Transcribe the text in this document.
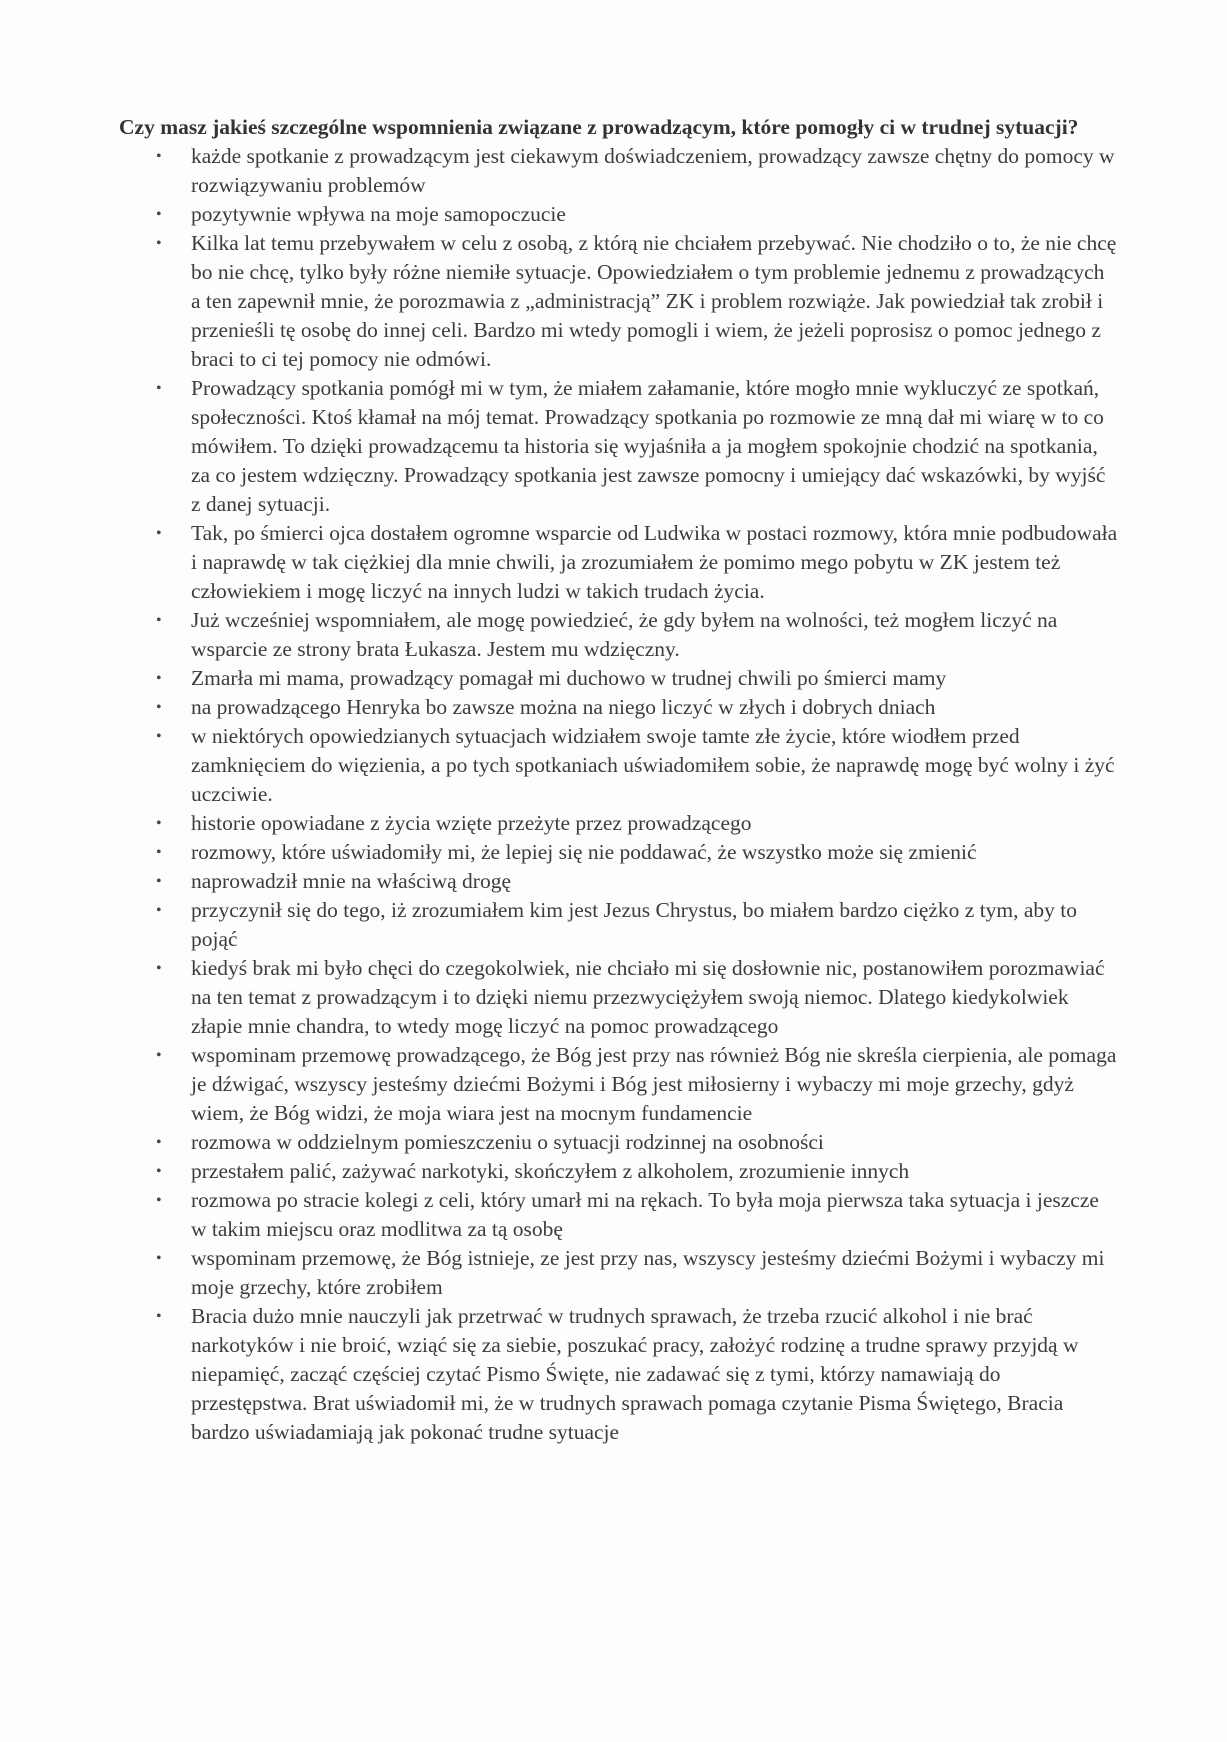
Czy masz jakieś szczególne wspomnienia związane z prowadzącym, które pomogły ci w trudnej sytuacji?

• każde spotkanie z prowadzącym jest ciekawym doświadczeniem, prowadzący zawsze chętny do pomocy w rozwiązywaniu problemów
• pozytywnie wpływa na moje samopoczucie
• Kilka lat temu przebywałem w celu z osobą, z którą nie chciałem przebywać. Nie chodziło o to, że nie chcę bo nie chcę, tylko były różne niemiłe sytuacje. Opowiedziałem o tym problemie jednemu z prowadzących a ten zapewnił mnie, że porozmawia z „administracją” ZK i problem rozwiąże. Jak powiedział tak zrobił i przenieśli tę osobę do innej celi. Bardzo mi wtedy pomogli i wiem, że jeżeli poprosisz o pomoc jednego z braci to ci tej pomocy nie odmówi.
• Prowadzący spotkania pomógł mi w tym, że miałem załamanie, które mogło mnie wykluczyć ze spotkań, społeczności. Ktoś kłamał na mój temat. Prowadzący spotkania po rozmowie ze mną dał mi wiarę w to co mówiłem. To dzięki prowadzącemu ta historia się wyjaśniła a ja mogłem spokojnie chodzić na spotkania, za co jestem wdzięczny. Prowadzący spotkania jest zawsze pomocny i umiejący dać wskazówki, by wyjść z danej sytuacji.
• Tak, po śmierci ojca dostałem ogromne wsparcie od Ludwika w postaci rozmowy, która mnie podbudowała i naprawdę w tak ciężkiej dla mnie chwili, ja zrozumiałem że pomimo mego pobytu w ZK jestem też człowiekiem i mogę liczyć na innych ludzi w takich trudach życia.
• Już wcześniej wspomniałem, ale mogę powiedzieć, że gdy byłem na wolności, też mogłem liczyć na wsparcie ze strony brata Łukasza. Jestem mu wdzięczny.
• Zmarła mi mama, prowadzący pomagał mi duchowo w trudnej chwili po śmierci mamy
• na prowadzącego Henryka bo zawsze można na niego liczyć w złych i dobrych dniach
• w niektórych opowiedzianych sytuacjach widziałem swoje tamte złe życie, które wiodłem przed zamknięciem do więzienia, a po tych spotkaniach uświadomiłem sobie, że naprawdę mogę być wolny i żyć uczciwie.
• historie opowiadane z życia wzięte przeżyte przez prowadzącego
• rozmowy, które uświadomiły mi, że lepiej się nie poddawać, że wszystko może się zmienić
• naprowadził mnie na właściwą drogę
• przyczynił się do tego, iż zrozumiałem kim jest Jezus Chrystus, bo miałem bardzo ciężko z tym, aby to pojąć
• kiedyś brak mi było chęci do czegokolwiek, nie chciało mi się dosłownie nic, postanowiłem porozmawiać na ten temat z prowadzącym i to dzięki niemu przezwyciężyłem swoją niemoc. Dlatego kiedykolwiek złapie mnie chandra, to wtedy mogę liczyć na pomoc prowadzącego
• wspominam przemowę prowadzącego, że Bóg jest przy nas również Bóg nie skreśla cierpienia, ale pomaga je dźwigać, wszyscy jesteśmy dziećmi Bożymi i Bóg jest miłosierny i wybaczy mi moje grzechy, gdyż wiem, że Bóg widzi, że moja wiara jest na mocnym fundamencie
• rozmowa w oddzielnym pomieszczeniu o sytuacji rodzinnej na osobności
• przestałem palić, zażywać narkotyki, skończyłem z alkoholem, zrozumienie innych
• rozmowa po stracie kolegi z celi, który umarł mi na rękach. To była moja pierwsza taka sytuacja i jeszcze w takim miejscu oraz modlitwa za tą osobę
• wspominam przemowę, że Bóg istnieje, ze jest przy nas, wszyscy jesteśmy dziećmi Bożymi i wybaczy mi moje grzechy, które zrobiłem
• Bracia dużo mnie nauczyli jak przetrwać w trudnych sprawach, że trzeba rzucić alkohol i nie brać narkotyków i nie broić, wziąć się za siebie, poszukać pracy, założyć rodzinę a trudne sprawy przyjdą w niepamięć, zacząć częściej czytać Pismo Święte, nie zadawać się z tymi, którzy namawiają do przestępstwa. Brat uświadomił mi, że w trudnych sprawach pomaga czytanie Pisma Świętego, Bracia bardzo uświadamiają jak pokonać trudne sytuacje
